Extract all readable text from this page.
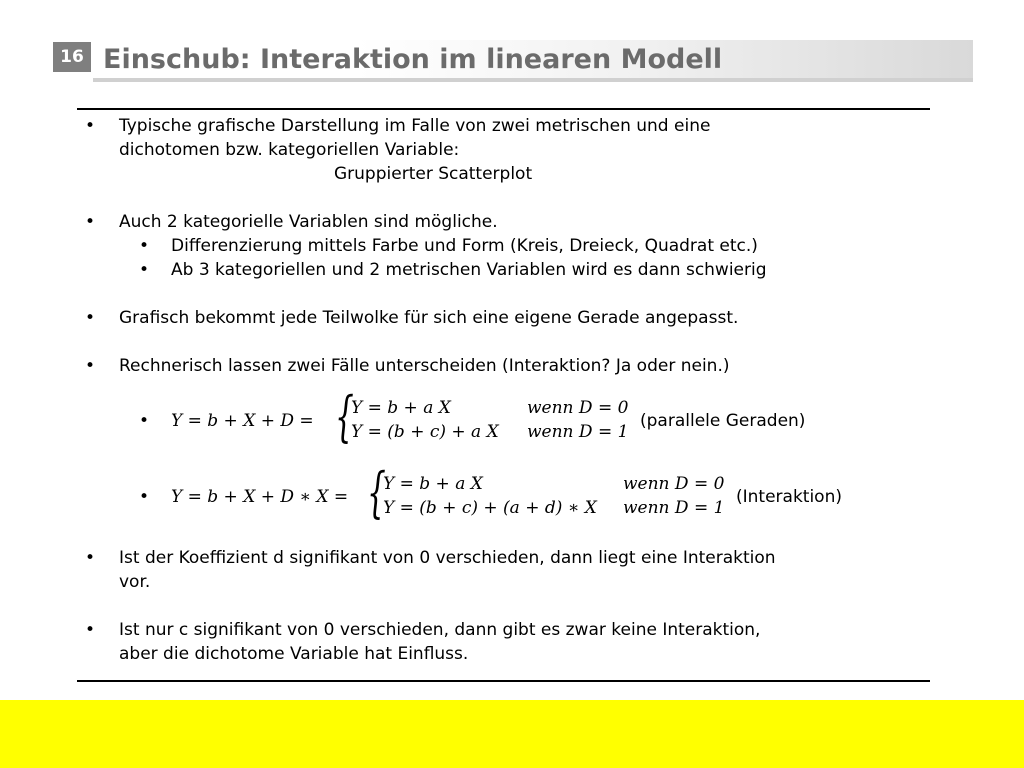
16 Einschub: Interaktion im linearen Modell
• Typische grafische Darstellung im Falle von zwei metrischen und eine
dichotomen bzw. kategoriellen Variable:
Gruppierter Scatterplot
• Auch 2 kategorielle Variablen sind mögliche.
• Differenzierung mittels Farbe und Form (Kreis, Dreieck, Quadrat etc.)
• Ab 3 kategoriellen und 2 metrischen Variablen wird es dann schwierig
• Grafisch bekommt jede Teilwolke für sich eine eigene Gerade angepasst.
• Rechnerisch lassen zwei Fälle unterscheiden (Interaktion? Ja oder nein.)
• Y = b + X + D = {
Y = b + a X
Y = (b + c) + a X
wenn D = 0
wenn D = 1
(parallele Geraden)
• Y = b + X + D ∗ X = {
Y = b + a X
Y = (b + c) + (a + d) ∗ X
wenn D = 0
wenn D = 1
(Interaktion)
• Ist der Koeffizient d signifikant von 0 verschieden, dann liegt eine Interaktion
vor.
• Ist nur c signifikant von 0 verschieden, dann gibt es zwar keine Interaktion,
aber die dichotome Variable hat Einfluss.
